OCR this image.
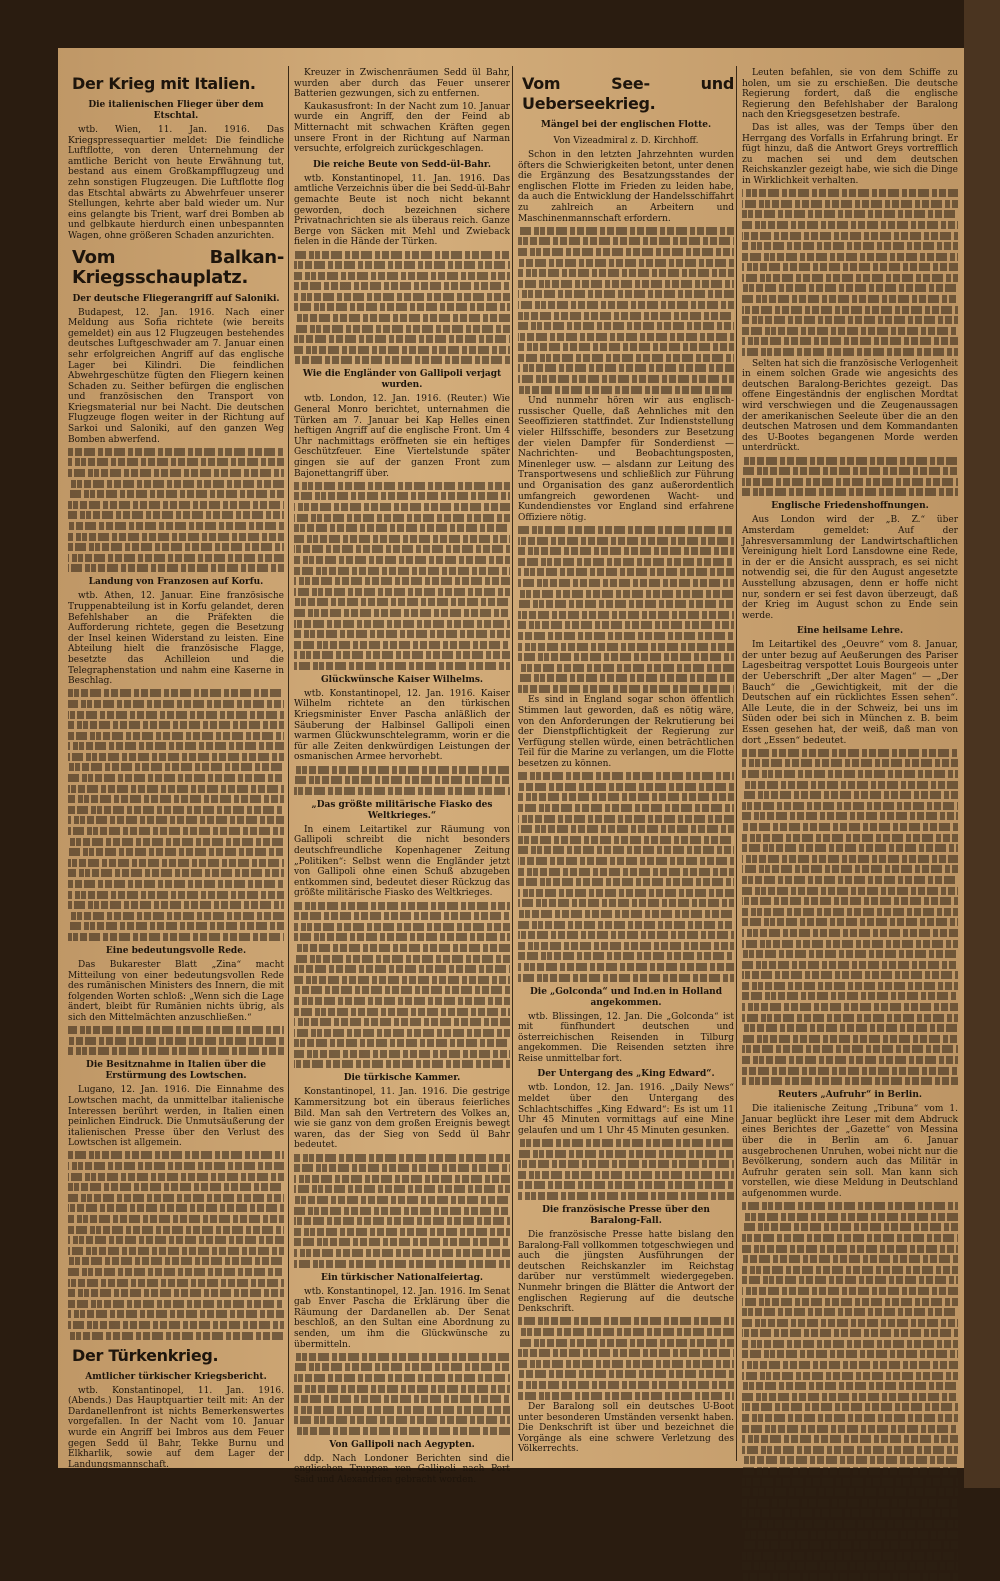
Der Krieg mit Italien.
Die italienischen Flieger über dem Etschtal.

wtb. Wien, 11. Jan. 1916. Das Kriegspressequartier meldet: Die feindliche Luftflotte, von deren Unternehmung der amtliche Bericht von heute Erwähnung tut, bestand aus einem Großkampfflugzeug und zehn sonstigen Flugzeugen. Die Luftflotte flog das Etschtal abwärts zu Abwehrfeuer unserer Stellungen, kehrte aber bald wieder um. Nur eins gelangte bis Trient, warf drei Bomben ab und gelbkaute hierdurch einen unbespannten Wagen, ohne größeren Schaden anzurichten.

Vom Balkan-Kriegsschauplatz.
Der deutsche Fliegerangriff auf Saloniki.

Budapest, 12. Jan. 1916. Nach einer Meldung aus Sofia richtete (wie bereits gemeldet) ein aus 12 Flugzeugen bestehendes deutsches Luftgeschwader am 7. Januar einen sehr erfolgreichen Angriff auf das englische Lager bei Kilindri. Die feindlichen Abwehrgeschütze fügten den Fliegern keinen Schaden zu. Seither befürgen die englischen und französischen den Transport von Kriegsmaterial nur bei Nacht. Die deutschen Flugzeuge flogen weiter in der Richtung auf Sarkoi und Saloniki, auf den ganzen Weg Bomben abwerfend.

Landung von Franzosen auf Korfu.

wtb. Athen, 12. Januar. Eine französische Truppenabteilung ist in Korfu gelandet, deren Befehlshaber an die Präfekten die Aufforderung richtete, gegen die Besetzung der Insel keinen Widerstand zu leisten. Eine Abteilung hielt die französische Flagge, besetzte das Achilleion und die Telegraphenstation und nahm eine Kaserne in Beschlag.

Eine bedeutungsvolle Rede.

Das Bukarester Blatt „Zina“ macht Mitteilung von einer bedeutungsvollen Rede des rumänischen Ministers des Innern, die mit folgenden Worten schloß: „Wenn sich die Lage ändert, bleibt für Rumänien nichts übrig, als sich den Mittelmächten anzuschließen.“

Die Besitznahme in Italien über die Erstürmung des Lowtschen.

Lugano, 12. Jan. 1916. Die Einnahme des Lowtschen macht, da unmittelbar italienische Interessen berührt werden, in Italien einen peinlichen Eindruck. Die Unmutsäußerung der italienischen Presse über den Verlust des Lowtschen ist allgemein.

Der Türkenkrieg.
Amtlicher türkischer Kriegsbericht.

wtb. Konstantinopel, 11. Jan. 1916. (Abends.) Das Hauptquartier teilt mit: An der Dardanellenfront ist nichts Bemerkenswertes vorgefallen. In der Nacht vom 10. Januar wurde ein Angriff bei Imbros aus dem Feuer gegen Sedd ül Bahr, Tekke Burnu und Elkharlik, sowie auf dem Lager der Landungsmannschaft.

Kreuzer in Zwischenräumen Sedd ül Bahr, wurden aber durch das Feuer unserer Batterien gezwungen, sich zu entfernen.

Kaukasusfront: In der Nacht zum 10. Januar wurde ein Angriff, den der Feind ab Mitternacht mit schwachen Kräften gegen unsere Front in der Richtung auf Narman versuchte, erfolgreich zurückgeschlagen.

Die reiche Beute von Sedd-ül-Bahr.

wtb. Konstantinopel, 11. Jan. 1916. Das amtliche Verzeichnis über die bei Sedd-ül-Bahr gemachte Beute ist noch nicht bekannt geworden, doch bezeichnen sichere Privatnachrichten sie als überaus reich. Ganze Berge von Säcken mit Mehl und Zwieback fielen in die Hände der Türken.

Wie die Engländer von Gallipoli verjagt wurden.

wtb. London, 12. Jan. 1916. (Reuter.) Wie General Monro berichtet, unternahmen die Türken am 7. Januar bei Kap Helles einen heftigen Angriff auf die englische Front. Um 4 Uhr nachmittags eröffneten sie ein heftiges Geschützfeuer. Eine Viertelstunde später gingen sie auf der ganzen Front zum Bajonettangriff über.

Glückwünsche Kaiser Wilhelms.

wtb. Konstantinopel, 12. Jan. 1916. Kaiser Wilhelm richtete an den türkischen Kriegsminister Enver Pascha anläßlich der Säuberung der Halbinsel Gallipoli einen warmen Glückwunschtelegramm, worin er die für alle Zeiten denkwürdigen Leistungen der osmanischen Armee hervorhebt.

„Das größte militärische Fiasko des Weltkrieges.“

In einem Leitartikel zur Räumung von Gallipoli schreibt die nicht besonders deutschfreundliche Kopenhagener Zeitung „Politiken“: Selbst wenn die Engländer jetzt von Gallipoli ohne einen Schuß abzugeben entkommen sind, bedeutet dieser Rückzug das größte militärische Fiasko des Weltkrieges.

Die türkische Kammer.

Konstantinopel, 11. Jan. 1916. Die gestrige Kammersitzung bot ein überaus feierliches Bild. Man sah den Vertretern des Volkes an, wie sie ganz von dem großen Ereignis bewegt waren, das der Sieg von Sedd ül Bahr bedeutet.

Ein türkischer Nationalfeiertag.

wtb. Konstantinopel, 12. Jan. 1916. Im Senat gab Enver Pascha die Erklärung über die Räumung der Dardanellen ab. Der Senat beschloß, an den Sultan eine Abordnung zu senden, um ihm die Glückwünsche zu übermitteln.

Von Gallipoli nach Aegypten.

ddp. Nach Londoner Berichten sind die englischen Truppen von Gallipoli nach Port Said und Alexandrien gebracht worden.

Vom See- und Ueberseekrieg.
Mängel bei der englischen Flotte.
Von Vizeadmiral z. D. Kirchhoff.

Schon in den letzten Jahrzehnten wurden öfters die Schwierigkeiten betont, unter denen die Ergänzung des Besatzungsstandes der englischen Flotte im Frieden zu leiden habe, da auch die Entwicklung der Handelsschiffahrt zu zahlreich an Arbeitern und Maschinenmannschaft erfordern.

Und nunmehr hören wir aus englisch-russischer Quelle, daß Aehnliches mit den Seeoffizieren stattfindet. Zur Indienststellung vieler Hilfsschiffe, besonders zur Besetzung der vielen Dampfer für Sonderdienst — Nachrichten- und Beobachtungsposten, Minenleger usw. — alsdann zur Leitung des Transportwesens und schließlich zur Führung und Organisation des ganz außerordentlich umfangreich gewordenen Wacht- und Kundendienstes vor England sind erfahrene Offiziere nötig.

Es sind in England sogar schon öffentlich Stimmen laut geworden, daß es nötig wäre, von den Anforderungen der Rekrutierung bei der Dienstpflichtigkeit der Regierung zur Verfügung stellen würde, einen beträchtlichen Teil für die Marine zu verlangen, um die Flotte besetzen zu können.

Die „Golconda“ und Ind.en in Holland angekommen.

wtb. Blissingen, 12. Jan. Die „Golconda“ ist mit fünfhundert deutschen und österreichischen Reisenden in Tilburg angekommen. Die Reisenden setzten ihre Reise unmittelbar fort.

Der Untergang des „King Edward“.

wtb. London, 12. Jan. 1916. „Daily News“ meldet über den Untergang des Schlachtschiffes „King Edward“: Es ist um 11 Uhr 45 Minuten vormittags auf eine Mine gelaufen und um 1 Uhr 45 Minuten gesunken.

Die französische Presse über den Baralong-Fall.

Die französische Presse hatte bislang den Baralong-Fall vollkommen totgeschwiegen und auch die jüngsten Ausführungen der deutschen Reichskanzler im Reichstag darüber nur verstümmelt wiedergegeben. Nunmehr bringen die Blätter die Antwort der englischen Regierung auf die deutsche Denkschrift.

Der Baralong soll ein deutsches U-Boot unter besonderen Umständen versenkt haben. Die Denkschrift ist über und bezeichnet die Vorgänge als eine schwere Verletzung des Völkerrechts.

Leuten befahlen, sie von dem Schiffe zu holen, um sie zu erschießen. Die deutsche Regierung fordert, daß die englische Regierung den Befehlshaber der Baralong nach den Kriegsgesetzen bestrafe.

Das ist alles, was der Temps über den Herrgang des Vorfalls in Erfahrung bringt. Er fügt hinzu, daß die Antwort Greys vortrefflich zu machen sei und dem deutschen Reichskanzler gezeigt habe, wie sich die Dinge in Wirklichkeit verhalten.

Selten hat sich die französische Verlogenheit in einem solchen Grade wie angesichts des deutschen Baralong-Berichtes gezeigt. Das offene Eingeständnis der englischen Mordtat wird verschwiegen und die Zeugenaussagen der amerikanischen Seeleute über die an den deutschen Matrosen und dem Kommandanten des U-Bootes begangenen Morde werden unterdrückt.

Englische Friedenshoffnungen.

Aus London wird der „B. Z.“ über Amsterdam gemeldet: Auf der Jahresversammlung der Landwirtschaftlichen Vereinigung hielt Lord Lansdowne eine Rede, in der er die Ansicht aussprach, es sei nicht notwendig sei, die für den August angesetzte Ausstellung abzusagen, denn er hoffe nicht nur, sondern er sei fest davon überzeugt, daß der Krieg im August schon zu Ende sein werde.

Eine heilsame Lehre.

Im Leitartikel des „Oeuvre“ vom 8. Januar, der unter bezug auf Aeußerungen des Pariser Lagesbeitrag verspottet Louis Bourgeois unter der Ueberschrift „Der alter Magen“ — „Der Bauch“ die „Gewichtigkeit, mit der die Deutschen auf ein rücklichtes Essen sehen“. Alle Leute, die in der Schweiz, bei uns im Süden oder bei sich in München z. B. beim Essen gesehen hat, der weiß, daß man von dort „Essen“ bedeutet.

Reuters „Aufruhr“ in Berlin.

Die italienische Zeitung „Tribuna“ vom 1. Januar beglückt ihre Leser mit dem Abdruck eines Berichtes der „Gazette“ von Messina über die in Berlin am 6. Januar ausgebrochenen Unruhen, wobei nicht nur die Bevölkerung, sondern auch das Militär in Aufruhr geraten sein soll. Man kann sich vorstellen, wie diese Meldung in Deutschland aufgenommen wurde.
